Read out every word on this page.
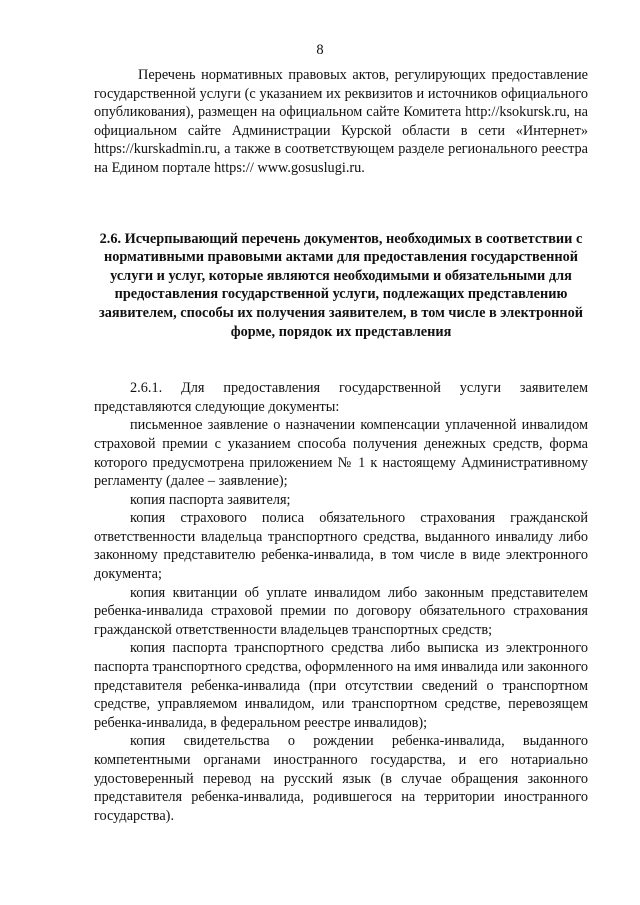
8

Перечень нормативных правовых актов, регулирующих предоставление государственной услуги (с указанием их реквизитов и источников официального опубликования), размещен на официальном сайте Комитета http://ksokursk.ru, на официальном сайте Администрации Курской области в сети «Интернет» https://kurskadmin.ru, а также в соответствующем разделе регионального реестра на Едином портале https:// www.gosuslugi.ru.

2.6. Исчерпывающий перечень документов, необходимых в соответствии с нормативными правовыми актами для предоставления государственной услуги и услуг, которые являются необходимыми и обязательными для предоставления государственной услуги, подлежащих представлению заявителем, способы их получения заявителем, в том числе в электронной форме, порядок их представления

2.6.1. Для предоставления государственной услуги заявителем представляются следующие документы:

письменное заявление о назначении компенсации уплаченной инвалидом страховой премии с указанием способа получения денежных средств, форма которого предусмотрена приложением № 1 к настоящему Административному регламенту (далее – заявление);

копия паспорта заявителя;

копия страхового полиса обязательного страхования гражданской ответственности владельца транспортного средства, выданного инвалиду либо законному представителю ребенка-инвалида, в том числе в виде электронного документа;

копия квитанции об уплате инвалидом либо законным представителем ребенка-инвалида страховой премии по договору обязательного страхования гражданской ответственности владельцев транспортных средств;

копия паспорта транспортного средства либо выписка из электронного паспорта транспортного средства, оформленного на имя инвалида или законного представителя ребенка-инвалида (при отсутствии сведений о транспортном средстве, управляемом инвалидом, или транспортном средстве, перевозящем ребенка-инвалида, в федеральном реестре инвалидов);

копия свидетельства о рождении ребенка-инвалида, выданного компетентными органами иностранного государства, и его нотариально удостоверенный перевод на русский язык (в случае обращения законного представителя ребенка-инвалида, родившегося на территории иностранного государства).
